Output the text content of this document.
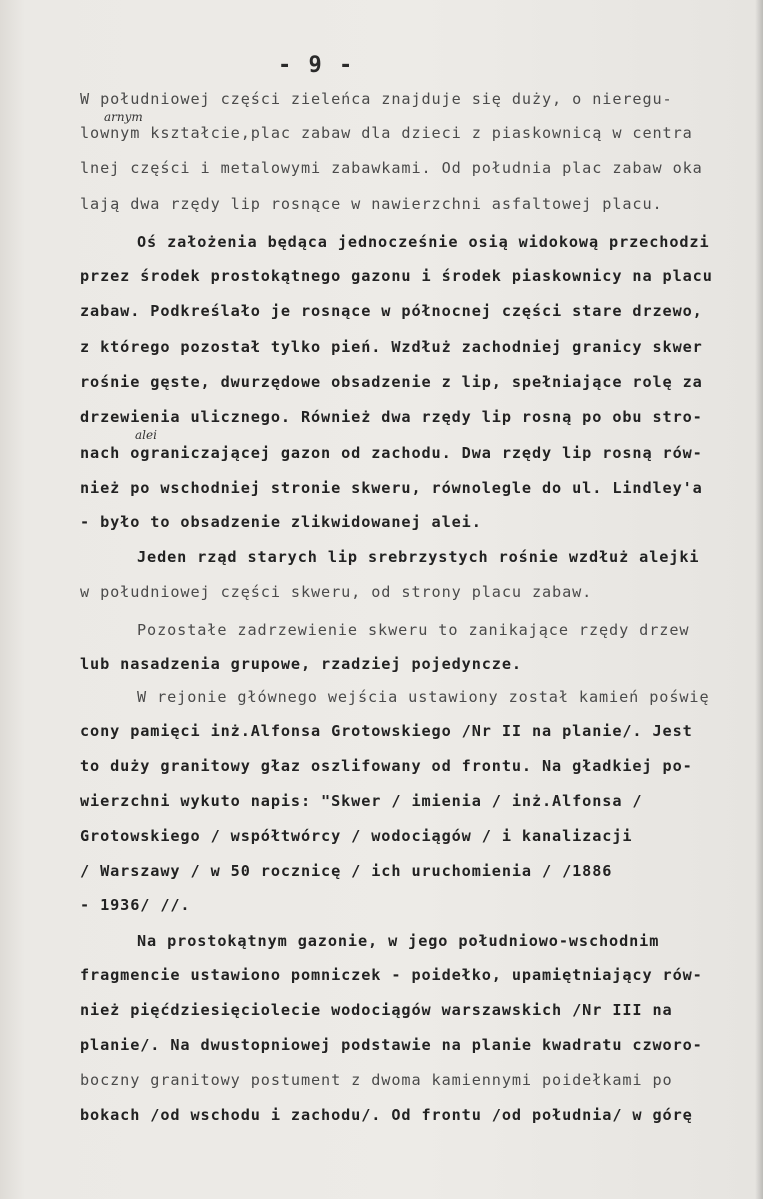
- 9 -
arnym
alei
W południowej części zieleńca znajduje się duży, o nieregu-
lownym kształcie,plac zabaw dla dzieci z piaskownicą w centra
lnej części i metalowymi zabawkami. Od południa plac zabaw oka
lają dwa rzędy lip rosnące w nawierzchni asfaltowej placu.
Oś założenia będąca jednocześnie osią widokową przechodzi
przez środek prostokątnego gazonu i środek piaskownicy na placu
zabaw. Podkreślało je rosnące w północnej części stare drzewo,
z którego pozostał tylko pień. Wzdłuż zachodniej granicy skwer
rośnie gęste, dwurzędowe obsadzenie z lip, spełniające rolę za
drzewienia ulicznego. Również dwa rzędy lip rosną po obu stro-
nach ograniczającej gazon od zachodu. Dwa rzędy lip rosną rów-
nież po wschodniej stronie skweru, równolegle do ul. Lindley'a
- było to obsadzenie zlikwidowanej alei.
Jeden rząd starych lip srebrzystych rośnie wzdłuż alejki
w południowej części skweru, od strony placu zabaw.
Pozostałe zadrzewienie skweru to zanikające rzędy drzew
lub nasadzenia grupowe, rzadziej pojedyncze.
W rejonie głównego wejścia ustawiony został kamień poświę
cony pamięci inż.Alfonsa Grotowskiego /Nr II na planie/. Jest
to duży granitowy głaz oszlifowany od frontu. Na gładkiej po-
wierzchni wykuto napis: "Skwer / imienia / inż.Alfonsa /
Grotowskiego / współtwórcy / wodociągów / i kanalizacji
/ Warszawy / w 50 rocznicę / ich uruchomienia / /1886
- 1936/ //.
Na prostokątnym gazonie, w jego południowo-wschodnim
fragmencie ustawiono pomniczek - poidełko, upamiętniający rów-
nież pięćdziesięciolecie wodociągów warszawskich /Nr III na
planie/. Na dwustopniowej podstawie na planie kwadratu czworo-
boczny granitowy postument z dwoma kamiennymi poidełkami po
bokach /od wschodu i zachodu/. Od frontu /od południa/ w górę
